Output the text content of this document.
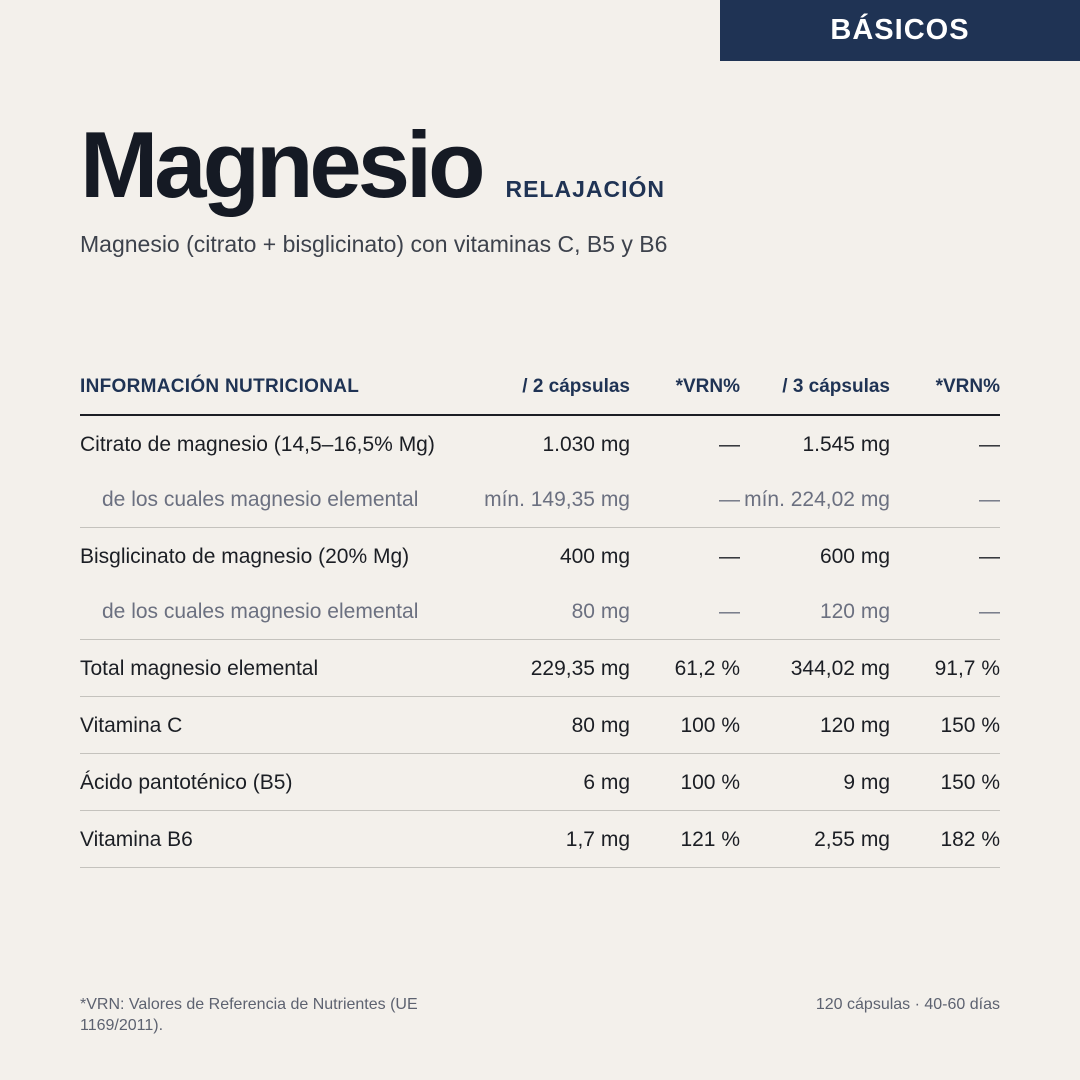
BÁSICOS
Magnesio RELAJACIÓN
Magnesio (citrato + bisglicinato) con vitaminas C, B5 y B6
INFORMACIÓN NUTRICIONAL	/ 2 cápsulas	*VRN%	/ 3 cápsulas	*VRN%
Citrato de magnesio (14,5–16,5% Mg)	1.030 mg	—	1.545 mg	—
de los cuales magnesio elemental	mín. 149,35 mg	—	mín. 224,02 mg	—
Bisglicinato de magnesio (20% Mg)	400 mg	—	600 mg	—
de los cuales magnesio elemental	80 mg	—	120 mg	—
Total magnesio elemental	229,35 mg	61,2 %	344,02 mg	91,7 %
Vitamina C	80 mg	100 %	120 mg	150 %
Ácido pantoténico (B5)	6 mg	100 %	9 mg	150 %
Vitamina B6	1,7 mg	121 %	2,55 mg	182 %
*VRN: Valores de Referencia de Nutrientes (UE 1169/2011).
120 cápsulas · 40-60 días
